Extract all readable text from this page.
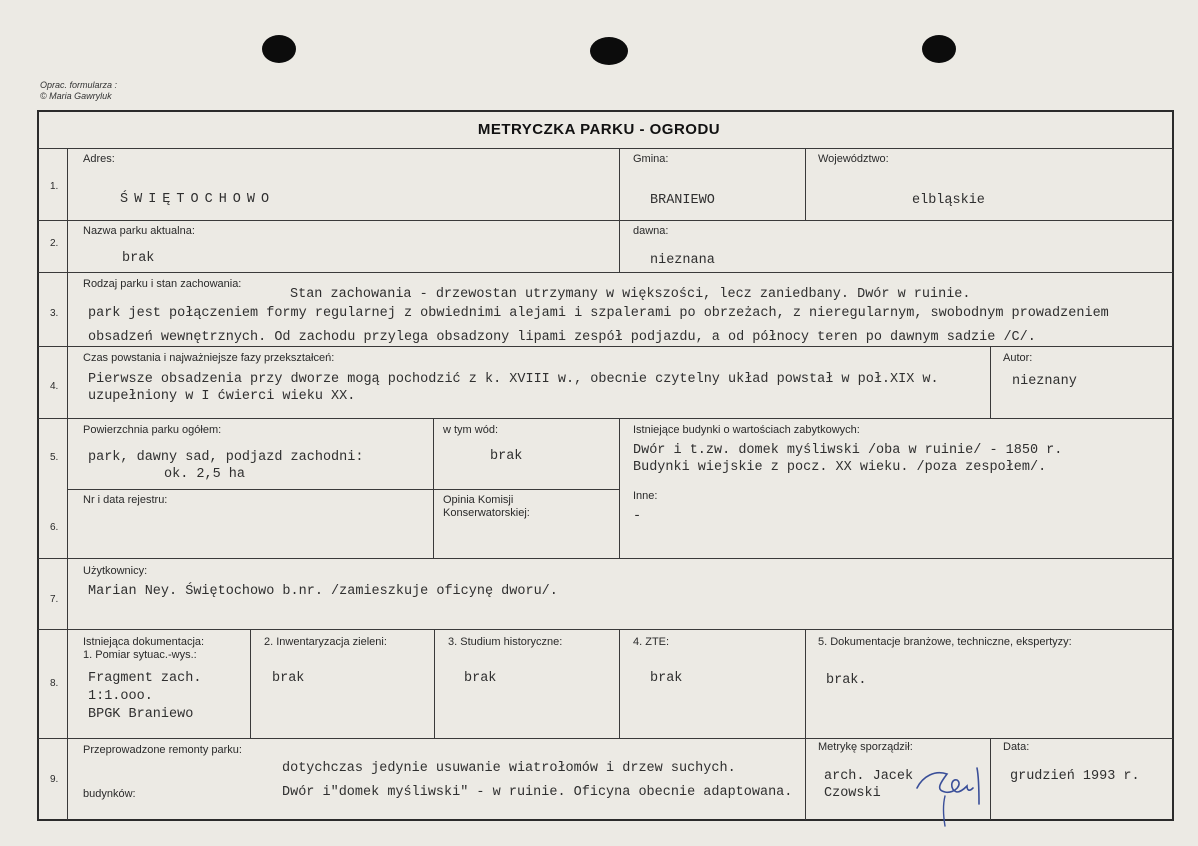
Oprac. formularza :
© Maria Gawryluk
METRYCZKA PARKU - OGRODU
1.
Adres:
ŚWIĘTOCHOWO
Gmina:
BRANIEWO
Województwo:
elbląskie
2.
Nazwa parku aktualna:
brak
dawna:
nieznana
3.
Rodzaj parku i stan zachowania:
Stan zachowania - drzewostan utrzymany w większości, lecz zaniedbany. Dwór w ruinie.
park jest połączeniem formy regularnej z obwiednimi alejami i szpalerami po obrzeżach, z nieregularnym, swobodnym prowadzeniem
obsadzeń wewnętrznych. Od zachodu przylega obsadzony lipami zespół podjazdu, a od północy teren po dawnym sadzie /C/.
4.
Czas powstania i najważniejsze fazy przekształceń:
Pierwsze obsadzenia przy dworze mogą pochodzić z k. XVIII w., obecnie czytelny układ powstał w poł.XIX w.
uzupełniony w I ćwierci wieku XX.
Autor:
nieznany
5.
Powierzchnia parku ogółem:
park, dawny sad, podjazd zachodni:
ok. 2,5 ha
w tym wód:
brak
Istniejące budynki o wartościach zabytkowych:
Dwór i t.zw. domek myśliwski /oba w ruinie/ - 1850 r.
Budynki wiejskie z pocz. XX wieku. /poza zespołem/.
6.
Nr i data rejestru:	Opinia Komisji
Konserwatorskiej:
Inne:
-
7.
Użytkownicy:
Marian Ney. Świętochowo b.nr. /zamieszkuje oficynę dworu/.
8.
Istniejąca dokumentacja:
1. Pomiar sytuac.-wys.:
Fragment zach.
1:1.ooo.
BPGK Braniewo
2. Inwentaryzacja zieleni:
brak
3. Studium historyczne:
brak
4. ZTE:
brak
5. Dokumentacje branżowe, techniczne, ekspertyzy:
brak.
9.
Przeprowadzone remonty parku:
dotychczas jedynie usuwanie wiatrołomów i drzew suchych.
budynków:	Dwór i"domek myśliwski" - w ruinie. Oficyna obecnie adaptowana.
Metrykę sporządził:
arch. Jacek
Czowski
Data:
grudzień 1993 r.
